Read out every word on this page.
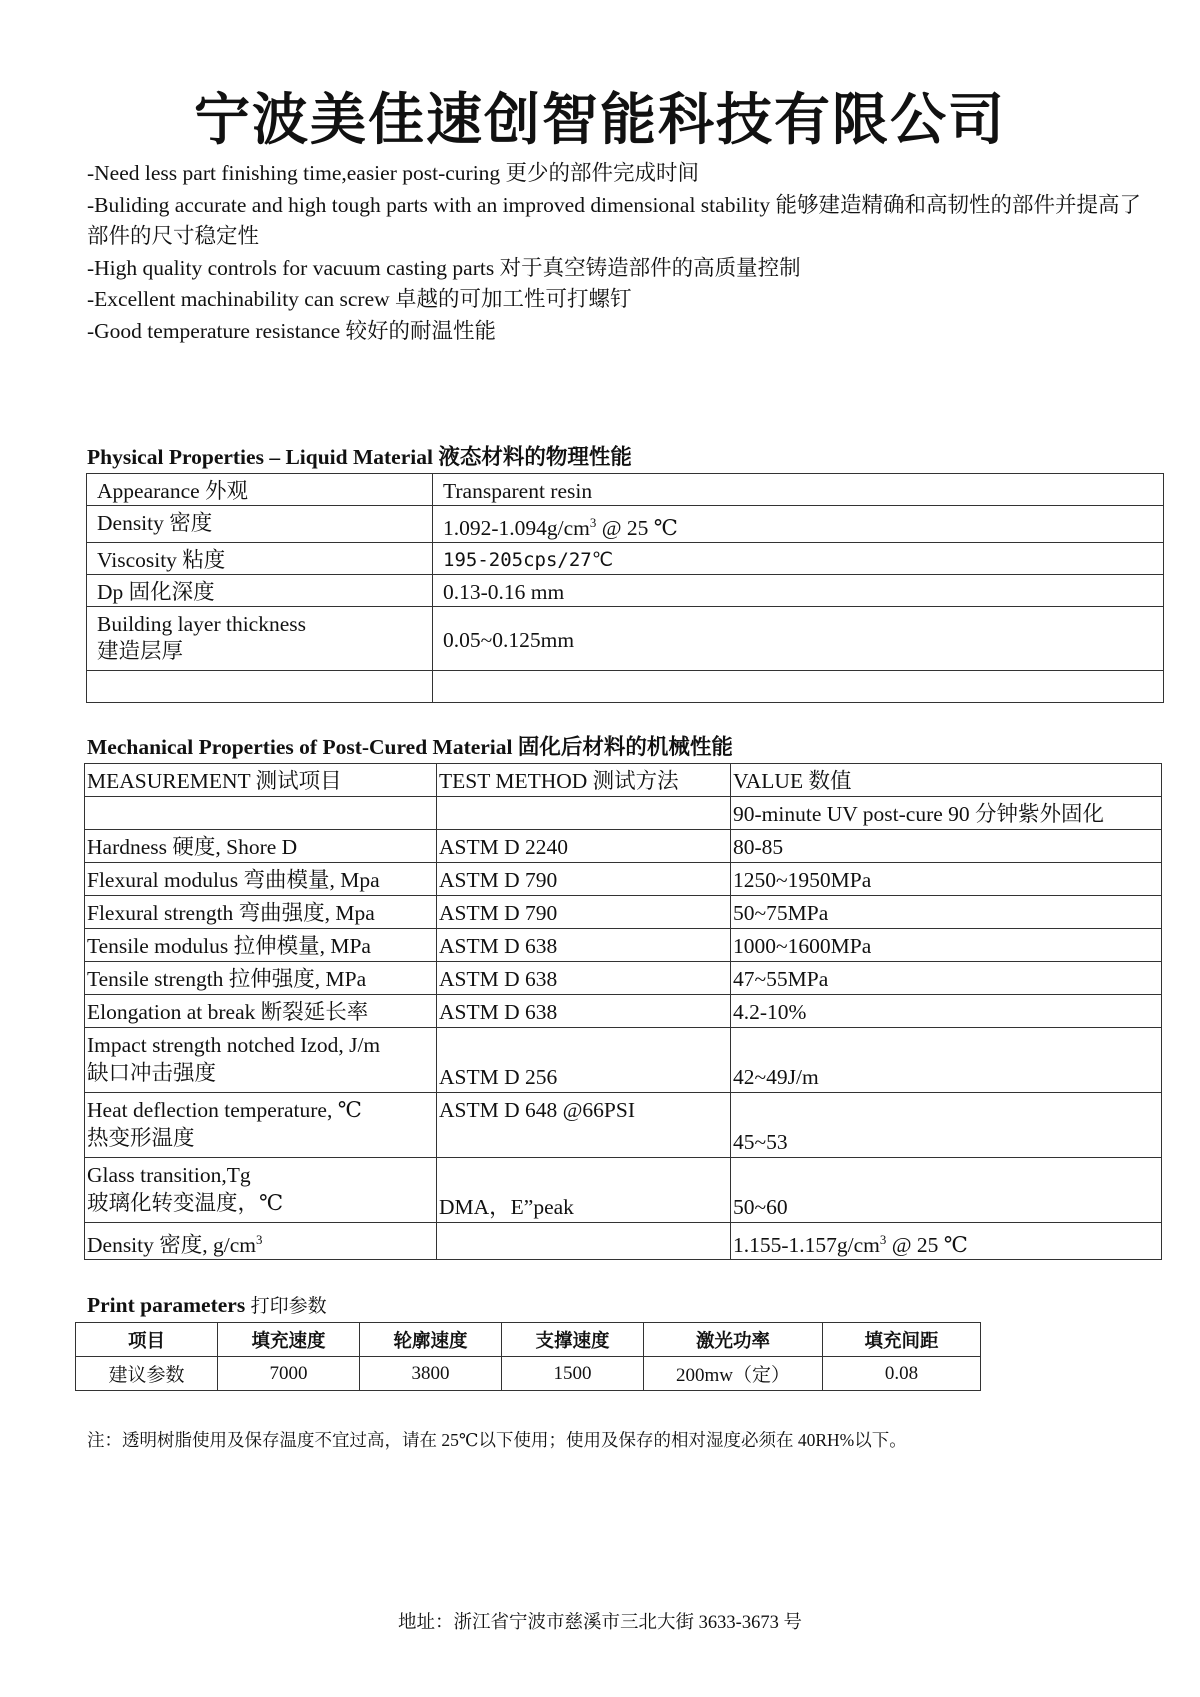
宁波美佳速创智能科技有限公司
-Need less part finishing time,easier post-curing 更少的部件完成时间
-Buliding accurate and high tough parts with an improved dimensional stability 能够建造精确和高韧性的部件并提高了部件的尺寸稳定性
-High quality controls for vacuum casting parts 对于真空铸造部件的高质量控制
-Excellent machinability can screw 卓越的可加工性可打螺钉
-Good temperature resistance 较好的耐温性能
Physical Properties – Liquid Material 液态材料的物理性能
Appearance 外观	Transparent resin
Density 密度	$1.092-1.094g/cm^3$ @ 25 ℃
Viscosity 粘度	195-205cps/27℃
Dp 固化深度	0.13-0.16 mm

Building layer thickness
建造层厚	0.05~0.125mm

Mechanical Properties of Post-Cured Material 固化后材料的机械性能
MEASUREMENT 测试项目	TEST METHOD 测试方法	VALUE 数值
		90-minute UV post-cure 90 分钟紫外固化
Hardness 硬度, Shore D	ASTM D 2240	80-85
Flexural modulus 弯曲模量, Mpa	ASTM D 790	1250~1950MPa
Flexural strength 弯曲强度, Mpa	ASTM D 790	50~75MPa
Tensile modulus 拉伸模量, MPa	ASTM D 638	1000~1600MPa
Tensile strength 拉伸强度, MPa	ASTM D 638	47~55MPa
Elongation at break 断裂延长率	ASTM D 638	4.2-10%

Impact strength notched Izod, J/m
缺口冲击强度	ASTM D 256	42~49J/m

Heat deflection temperature, ℃
热变形温度	ASTM D 648 @66PSI	45~53

Glass transition,Tg
玻璃化转变温度，℃	DMA，E”peak	50~60
Density 密度, $g/cm^3$		$1.155-1.157g/cm^3$ @ 25 ℃
Print parameters 打印参数
项目	填充速度	轮廓速度	支撑速度	激光功率	填充间距
建议参数	7000	3800	1500	200mw（定）	0.08
注：透明树脂使用及保存温度不宜过高，请在 25℃以下使用；使用及保存的相对湿度必须在 40RH%以下。
地址：浙江省宁波市慈溪市三北大街 3633-3673 号
